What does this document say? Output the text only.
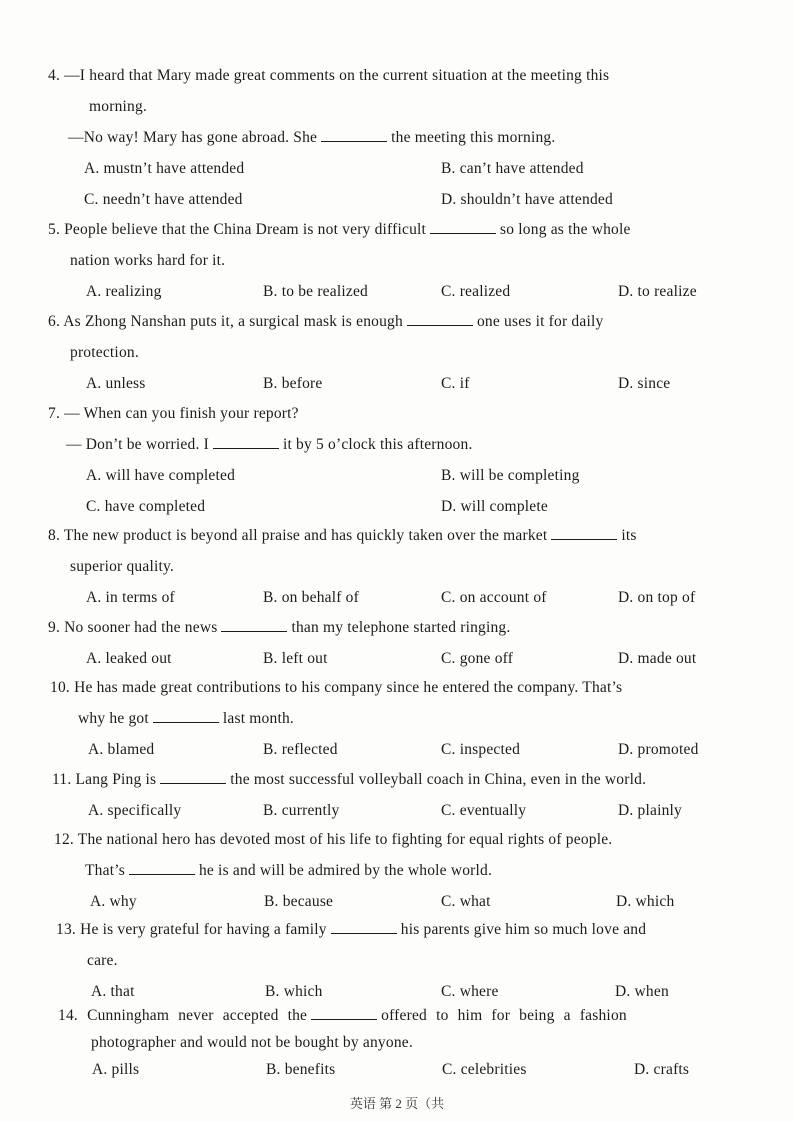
4. —I heard that Mary made great comments on the current situation at the meeting this
morning.
—No way! Mary has gone abroad. She	the meeting this morning.
A. mustn’t have attended	B. can’t have attended
C. needn’t have attended	D. shouldn’t have attended
5. People believe that the China Dream is not very difficult	so long as the whole
nation works hard for it.
A. realizing	B. to be realized	C. realized	D. to realize
6. As Zhong Nanshan puts it, a surgical mask is enough	one uses it for daily
protection.
A. unless	B. before	C. if	D. since
7. — When can you finish your report?
— Don’t be worried. I	it by 5 o’clock this afternoon.
A. will have completed	B. will be completing
C. have completed	D. will complete
8. The new product is beyond all praise and has quickly taken over the market	its
superior quality.
A. in terms of	B. on behalf of	C. on account of	D. on top of
9. No sooner had the news	than my telephone started ringing.
A. leaked out	B. left out	C. gone off	D. made out
10. He has made great contributions to his company since he entered the company. That’s
why he got	last month.
A. blamed	B. reflected	C. inspected	D. promoted
11. Lang Ping is	the most successful volleyball coach in China, even in the world.
A. specifically	B. currently	C. eventually	D. plainly
12. The national hero has devoted most of his life to fighting for equal rights of people.
That’s	he is and will be admired by the whole world.
A. why	B. because	C. what	D. which
13. He is very grateful for having a family	his parents give him so much love and
care.
A. that	B. which	C. where	D. when
14. Cunningham never accepted the	offered to him for being a fashion
photographer and would not be bought by anyone.
A. pills	B. benefits	C. celebrities	D. crafts
英语 第 2 页（共
